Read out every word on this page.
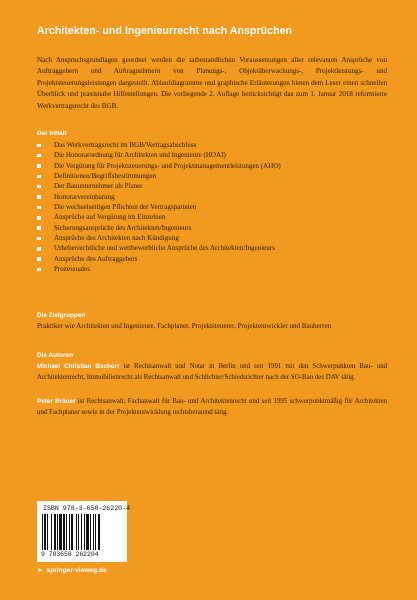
Architekten- und Ingenieurrecht nach Ansprüchen
Nach Anspruchsgrundlagen geordnet werden die tatbestandlichen Voraussetzungen aller relevanten Ansprüche von Auftraggebern und Auftragnehmern von Planungs-, Objektüberwachungs-, Projektleistungs- und Projektsteuerungsleistungen dargestellt. Ablaufdiagramme und graphische Erläuterungen bieten dem Leser einen schnellen Überblick und praxisnahe Hilfestellungen. Die vorliegende 2. Auflage berücksichtigt das zum 1. Januar 2018 reformierte Werkvertragsrecht des BGB.
Der Inhalt
Das Werkvertragsrecht im BGB/Vertragsabschluss
Die Honorarordnung für Architekten und Ingenieure (HOAI)
Die Vergütung für Projektsteuerungs- und Projektmanagementleistungen (AHO)
Definitionen/Begriffsbestimmungen
Der Bauunternehmer als Planer
Honorarvereinbarung
Die wechselseitigen Pflichten der Vertragsparteien
Ansprüche auf Vergütung im Einzelnen
Sicherungsansprüche des Architekten/Ingenieurs
Ansprüche des Architekten nach Kündigung
Urheberrechtliche und wettbewerbliche Ansprüche des Architekten/Ingenieurs
Ansprüche des Auftraggebers
Prozessuales
Die Zielgruppen
Praktiker wie Architekten und Ingenieure, Fachplaner, Projektsteuerer, Projektentwickler und Bauherren
Die Autoren
Michael Christian Bschorr ist Rechtsanwalt und Notar in Berlin und seit 1991 mit den Schwerpunkten Bau- und Architektenrecht, Immobilienrecht als Rechtsanwalt und Schlichter/Schiedsrichter nach der SO-Bau des DAV tätig.
Peter Bräuer ist Rechtsanwalt, Fachanwalt für Bau- und Architektenrecht und seit 1995 schwerpunktmäßig für Architekten und Fachplaner sowie in der Projektentwicklung rechtsberatend tätig.
ISBN 978-3-658-26220-4
9 783658 262204
► springer-vieweg.de
